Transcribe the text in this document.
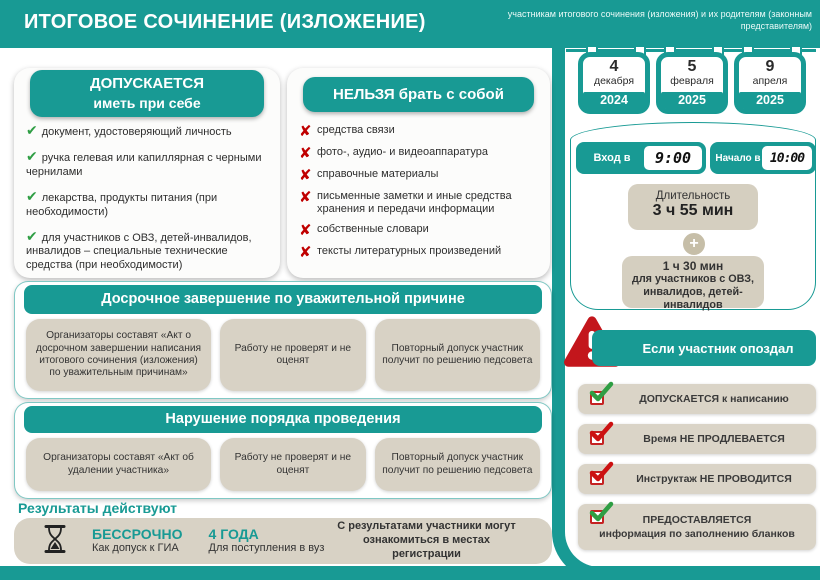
ИТОГОВОЕ СОЧИНЕНИЕ (ИЗЛОЖЕНИЕ)	участникам итогового сочинения (изложения) и их родителям (законным представителям)
ДОПУСКАЕТСЯ
иметь при себе
✔ документ, удостоверяющий личность
✔ ручка гелевая или капиллярная с черными чернилами
✔ лекарства, продукты питания (при необходимости)
✔ для участников с ОВЗ, детей-инвалидов, инвалидов – специальные технические средства (при необходимости)
НЕЛЬЗЯ брать с собой
✘ средства связи
✘ фото-, аудио- и видеоаппаратура
✘ справочные материалы
✘ письменные заметки и иные средства хранения и передачи информации
✘ собственные словари
✘ тексты литературных произведений
4
декабря
2024
5
февраля
2025
9
апреля
2025
Вход в	9:00	Начало в 10:00
Длительность
3 ч 55 мин
+
1 ч 30 мин
для участников с ОВЗ, инвалидов, детей-инвалидов
Если участник опоздал
ДОПУСКАЕТСЯ к написанию
Время НЕ ПРОДЛЕВАЕТСЯ
Инструктаж НЕ ПРОВОДИТСЯ
ПРЕДОСТАВЛЯЕТСЯ
информация по заполнению бланков
Досрочное завершение по уважительной причине
Организаторы составят «Акт о досрочном завершении написания итогового сочинения (изложения) по уважительным причинам»
Работу не проверят и не оценят
Повторный допуск участник получит по решению педсовета
Нарушение порядка проведения
Организаторы составят «Акт об удалении участника»
Работу не проверят и не оценят
Повторный допуск участник получит по решению педсовета
Результаты действуют
БЕССРОЧНО
Как допуск к ГИА
4 ГОДА
Для поступления в вуз
С результатами участники могут ознакомиться в местах регистрации
